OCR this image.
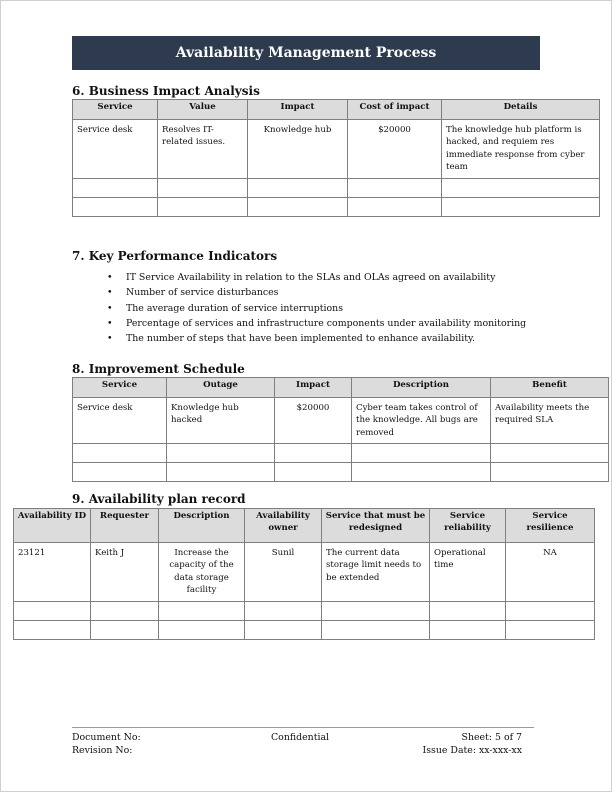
Availability Management Process
6. Business Impact Analysis
Service	Value	Impact	Cost of impact	Details
Service desk	Resolves IT-related issues.	Knowledge hub	$20000	The knowledge hub platform is hacked, and requiem res immediate response from cyber team

7. Key Performance Indicators
• IT Service Availability in relation to the SLAs and OLAs agreed on availability
• Number of service disturbances
• The average duration of service interruptions
• Percentage of services and infrastructure components under availability monitoring
• The number of steps that have been implemented to enhance availability.
8. Improvement Schedule
Service	Outage	Impact	Description	Benefit
Service desk	Knowledge hub hacked	$20000	Cyber team takes control of the knowledge. All bugs are removed	Availability meets the required SLA

9. Availability plan record
Availability ID	Requester	Description	Availability owner	Service that must be redesigned	Service reliability	Service resilience
23121	Keith J	Increase the capacity of the data storage facility	Sunil	The current data storage limit needs to be extended	Operational time	NA

Document No:
Revision No:
Confidential	Sheet: 5 of 7
Issue Date: xx-xxx-xx
